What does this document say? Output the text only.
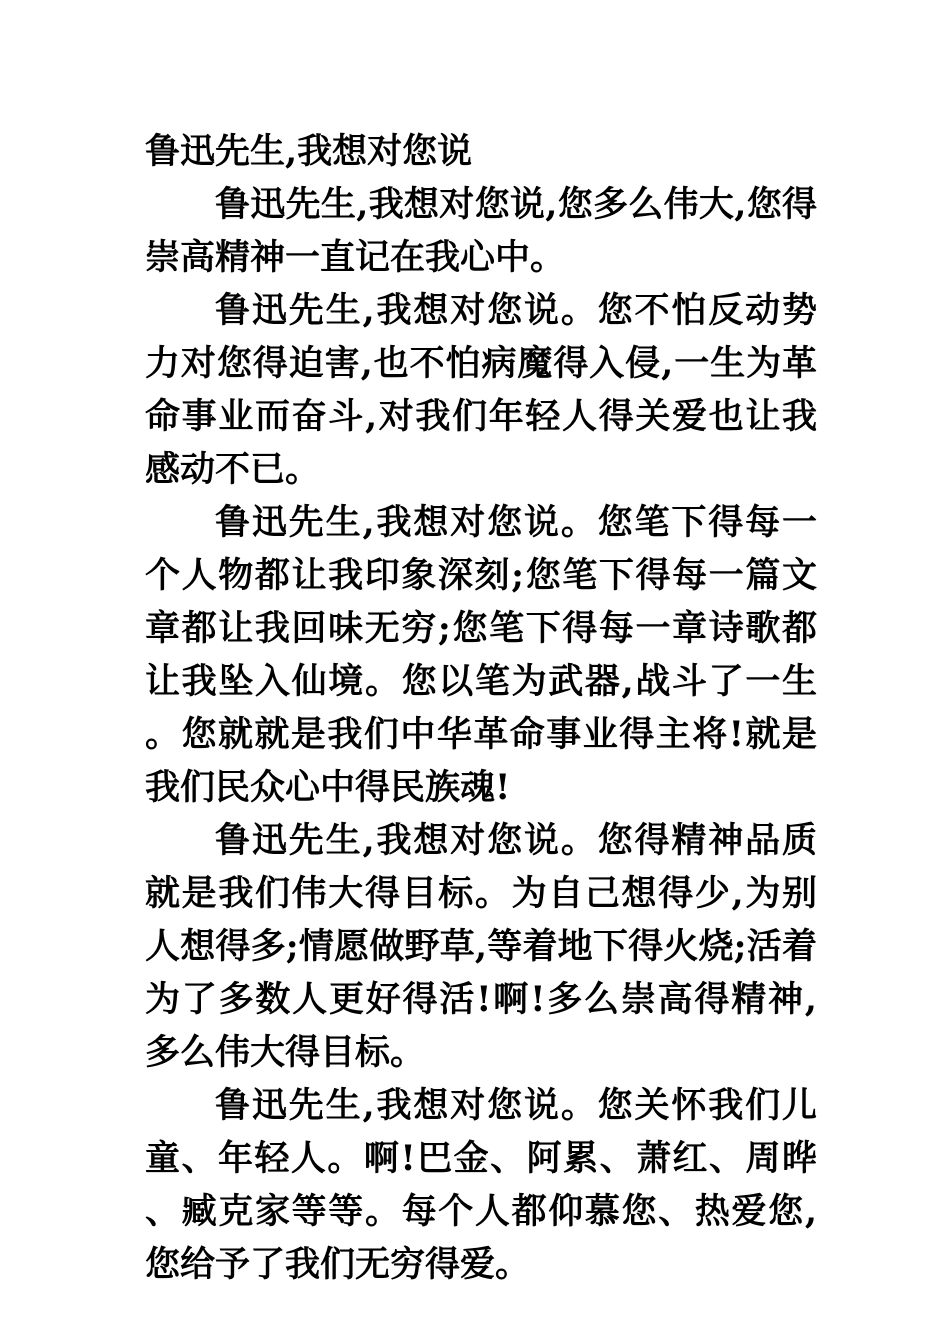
鲁迅先生,我想对您说

鲁迅先生,我想对您说,您多么伟大,您得崇高精神一直记在我心中。

鲁迅先生,我想对您说。您不怕反动势力对您得迫害,也不怕病魔得入侵,一生为革命事业而奋斗,对我们年轻人得关爱也让我感动不已。

鲁迅先生,我想对您说。您笔下得每一个人物都让我印象深刻;您笔下得每一篇文章都让我回味无穷;您笔下得每一章诗歌都让我坠入仙境。您以笔为武器,战斗了一生。您就就是我们中华革命事业得主将!就是我们民众心中得民族魂!

鲁迅先生,我想对您说。您得精神品质就是我们伟大得目标。为自己想得少,为别人想得多;情愿做野草,等着地下得火烧;活着为了多数人更好得活!啊!多么崇高得精神,多么伟大得目标。

鲁迅先生,我想对您说。您关怀我们儿童、年轻人。啊!巴金、阿累、萧红、周晔、臧克家等等。每个人都仰慕您、热爱您,您给予了我们无穷得爱。
